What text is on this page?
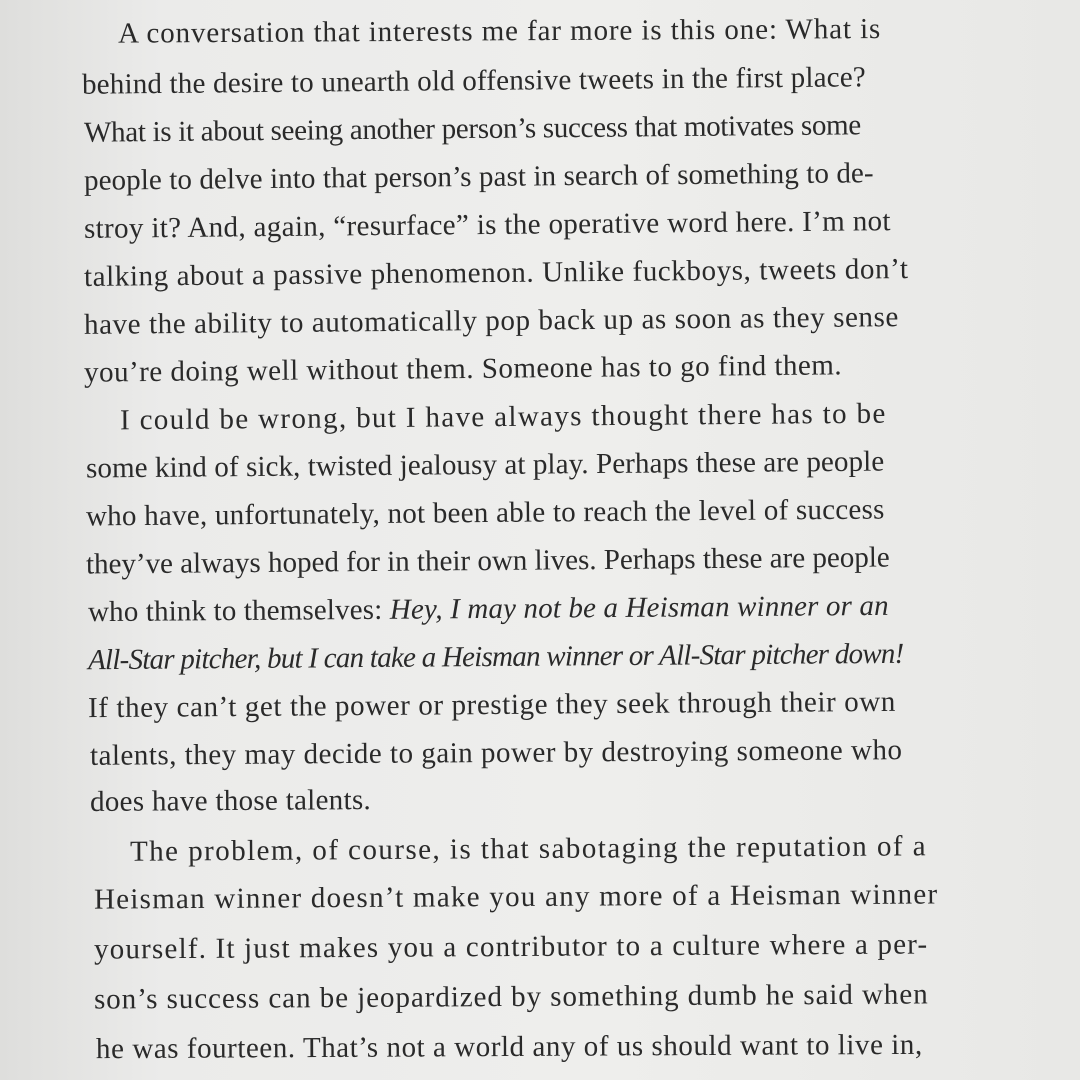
A conversation that interests me far more is this one: What is
behind the desire to unearth old offensive tweets in the first place?
What is it about seeing another person’s success that motivates some
people to delve into that person’s past in search of something to de-
stroy it? And, again, “resurface” is the operative word here. I’m not
talking about a passive phenomenon. Unlike fuckboys, tweets don’t
have the ability to automatically pop back up as soon as they sense
you’re doing well without them. Someone has to go find them.
I could be wrong, but I have always thought there has to be
some kind of sick, twisted jealousy at play. Perhaps these are people
who have, unfortunately, not been able to reach the level of success
they’ve always hoped for in their own lives. Perhaps these are people
who think to themselves: Hey, I may not be a Heisman winner or an
All-Star pitcher, but I can take a Heisman winner or All-Star pitcher down!
If they can’t get the power or prestige they seek through their own
talents, they may decide to gain power by destroying someone who
does have those talents.
The problem, of course, is that sabotaging the reputation of a
Heisman winner doesn’t make you any more of a Heisman winner
yourself. It just makes you a contributor to a culture where a per-
son’s success can be jeopardized by something dumb he said when
he was fourteen. That’s not a world any of us should want to live in,
